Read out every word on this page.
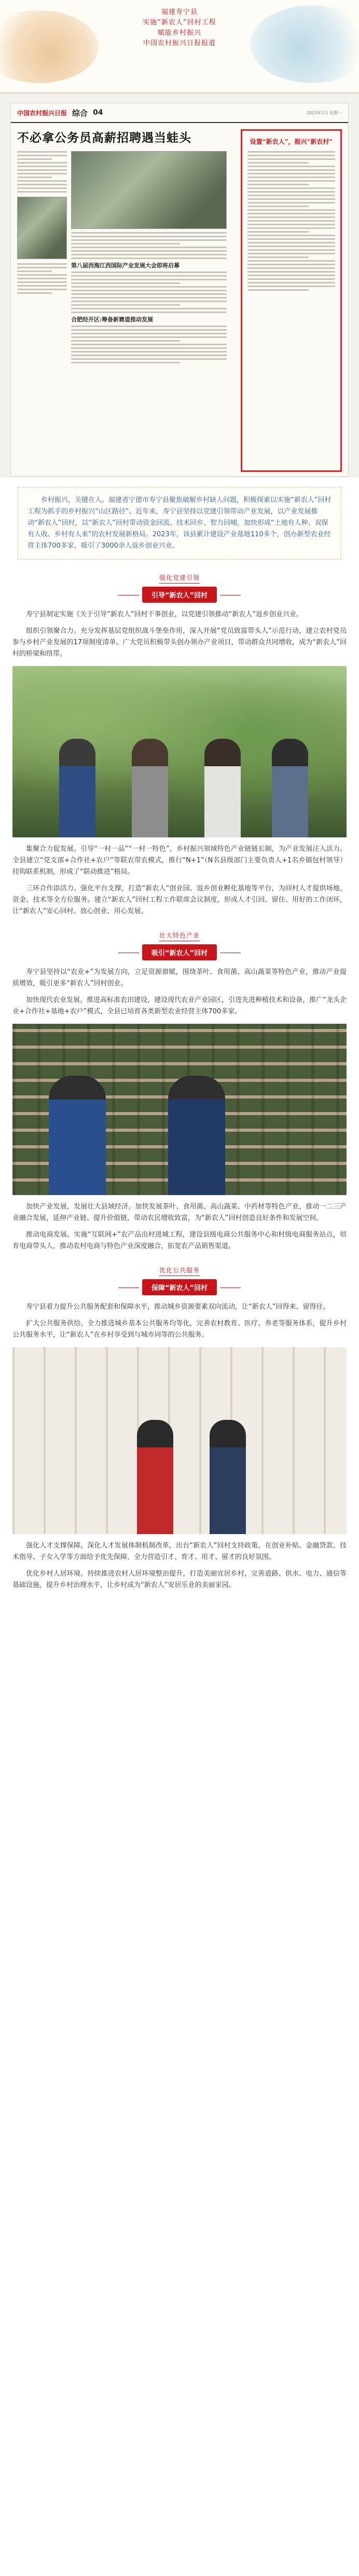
福建寿宁县
实施“新农人”回村工程
赋能乡村振兴
中国农村振兴日报报道
中国农村振兴日报 综合 04	2025年1月 星期一
不必拿公务员高薪招聘遇当蛙头
第八届西海江西国际产业发展大会即将启幕
合肥经开区:筹备新赛道推动发展
设置“新农人”，振兴“新农村”

乡村振兴，关键在人。福建省宁德市寿宁县聚焦破解乡村缺人问题，积极探索以实施“新农人”回村工程为抓手的乡村振兴“山区路径”。近年来，寿宁县坚持以党建引领带动产业发展，以产业发展推动“新农人”回村，以“新农人”回村带动资金回流、技术回乡、智力回哺，加快形成“土地有人种、双保有人收、乡村有人来”的农村发展新格局。2023年，该县累计建设产业基地110多个，创办新型农业经营主体700多家，吸引了3000余人返乡创业兴业。

强化党建引领
引导“新农人”回村

寿宁县制定实施《关于引导“新农人”回村干事创业，以党建引领推动“新农人”返乡创业兴业。

组织引领聚合力。充分发挥基层党组织战斗堡垒作用，深入开展“党员致富带头人”示范行动，建立农村党员参与乡村产业发展的17项制度清单。广大党员积极带头创办领办产业项目，带动群众共同增收，成为“新农人”回村的桥梁和纽带。

集聚合力促发展。引导“一村一品”“一村一特色”，乡村振兴领域特色产业链链长制，为产业发展注入活力。全县建立“党支部+合作社+农户”等联农带农模式，推行“N+1”（N名县级部门主要负责人+1名乡镇包村领导）挂钩联系机制，形成了“联动推进”格局。

三环合作添活力。强化平台支撑，打造“新农人”创业园、返乡创业孵化基地等平台，为回村人才提供场地、资金、技术等全方位服务。建立“新农人”回村工程工作联席会议制度，形成人才引回、留住、用好的工作闭环，让“新农人”安心回村、放心创业、用心发展。

壮大特色产业
吸引“新农人”回村

寿宁县坚持以“农业+”为发展方向，立足资源禀赋，围绕茶叶、食用菌、高山蔬菜等特色产业，推动产业提质增效，吸引更多“新农人”回村创业。

加快现代农业发展。推进高标准农田建设，建设现代农业产业园区，引进先进种植技术和设备，推广“龙头企业+合作社+基地+农户”模式，全县已培育各类新型农业经营主体700多家。

加快产业发展，发展壮大县域经济。加快发展茶叶、食用菌、高山蔬菜、中药材等特色产业，推动一二三产业融合发展，延伸产业链、提升价值链，带动农民增收致富，为“新农人”回村创造良好条件和发展空间。

推动电商发展。实施“互联网+”农产品出村进城工程，建设县级电商公共服务中心和村级电商服务站点，培育电商带头人，推动农村电商与特色产业深度融合，拓宽农产品销售渠道。

优化公共服务
保障“新农人”回村

寿宁县着力提升公共服务配套和保障水平，推动城乡资源要素双向流动，让“新农人”回得来、留得住。

扩大公共服务供给。全力推进城乡基本公共服务均等化，完善农村教育、医疗、养老等服务体系，提升乡村公共服务水平，让“新农人”在乡村享受到与城市同等的公共服务。

强化人才支撑保障。深化人才发展体制机制改革，出台“新农人”回村支持政策，在创业补贴、金融贷款、技术指导、子女入学等方面给予优先保障，全力营造引才、育才、用才、留才的良好氛围。

优化乡村人居环境。持续推进农村人居环境整治提升，打造美丽宜居乡村，完善道路、供水、电力、通信等基础设施，提升乡村治理水平，让乡村成为“新农人”安居乐业的美丽家园。
